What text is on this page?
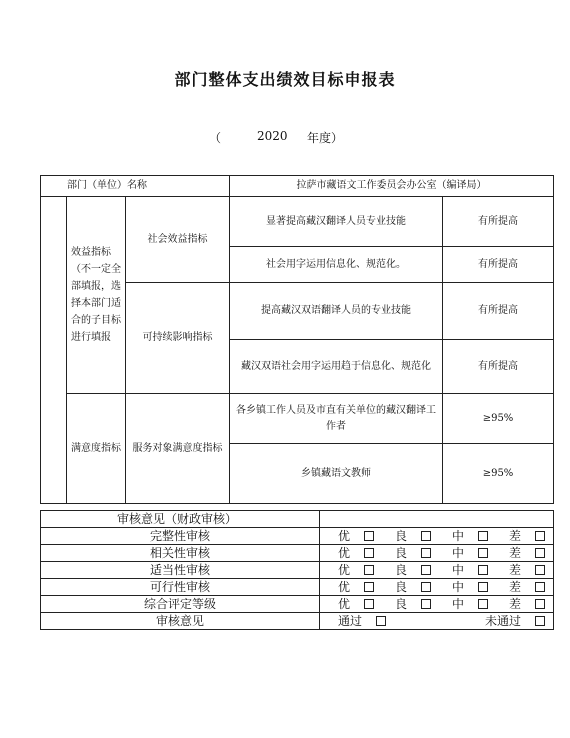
部门整体支出绩效目标申报表
（	2020 年度）
部门（单位）名称			拉萨市藏语文工作委员会办公室（编译局）	
	效益指标（不一定全部填报，选择本部门适合的子目标进行填报	社会效益指标	显著提高藏汉翻译人员专业技能	有所提高
			社会用字运用信息化、规范化。	有所提高
		可持续影响指标	提高藏汉双语翻译人员的专业技能	有所提高
			藏汉双语社会用字运用趋于信息化、规范化	有所提高
	满意度指标	服务对象满意度指标	各乡镇工作人员及市直有关单位的藏汉翻译工作者	≥95%
			乡镇藏语文教师	≥95%
审核意见（财政审核）	
完整性审核	优 良 中 差

相关性审核	优 良 中 差

适当性审核	优 良 中 差

可行性审核	优 良 中 差

综合评定等级	优 良 中 差

审核意见	通过 未通过
